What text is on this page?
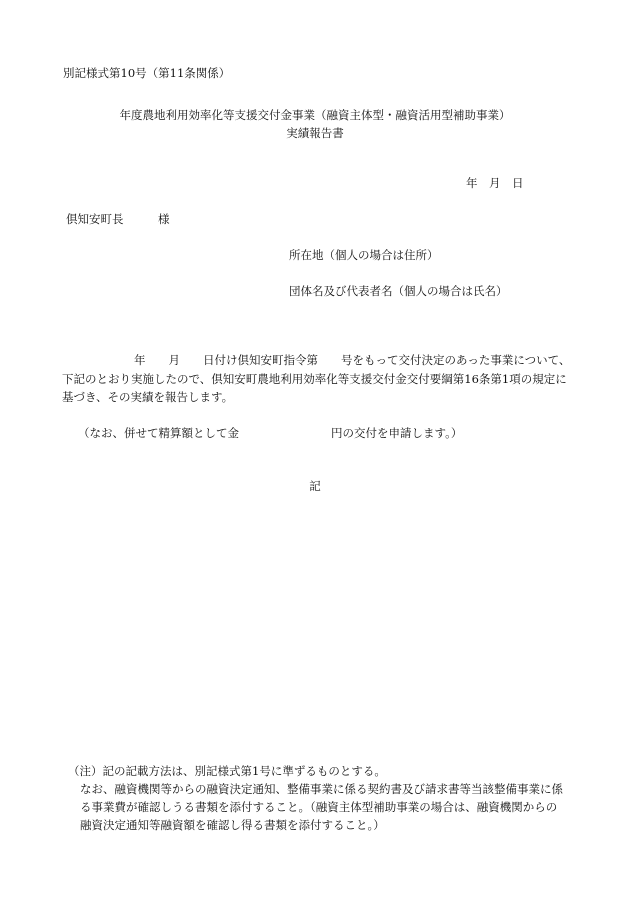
別記様式第10号（第11条関係）
年度農地利用効率化等支援交付金事業（融資主体型・融資活用型補助事業）
実績報告書
年　月　日
倶知安町長　　　様
所在地（個人の場合は住所）
団体名及び代表者名（個人の場合は氏名）
年　　月　　日付け倶知安町指令第　　号をもって交付決定のあった事業について、
下記のとおり実施したので、倶知安町農地利用効率化等支援交付金交付要綱第16条第1項の規定に
基づき、その実績を報告します。
（なお、併せて精算額として金	円の交付を申請します。）
記
（注）記の記載方法は、別記様式第1号に準ずるものとする。
なお、融資機関等からの融資決定通知、整備事業に係る契約書及び請求書等当該整備事業に係
る事業費が確認しうる書類を添付すること。（融資主体型補助事業の場合は、融資機関からの
融資決定通知等融資額を確認し得る書類を添付すること。）
